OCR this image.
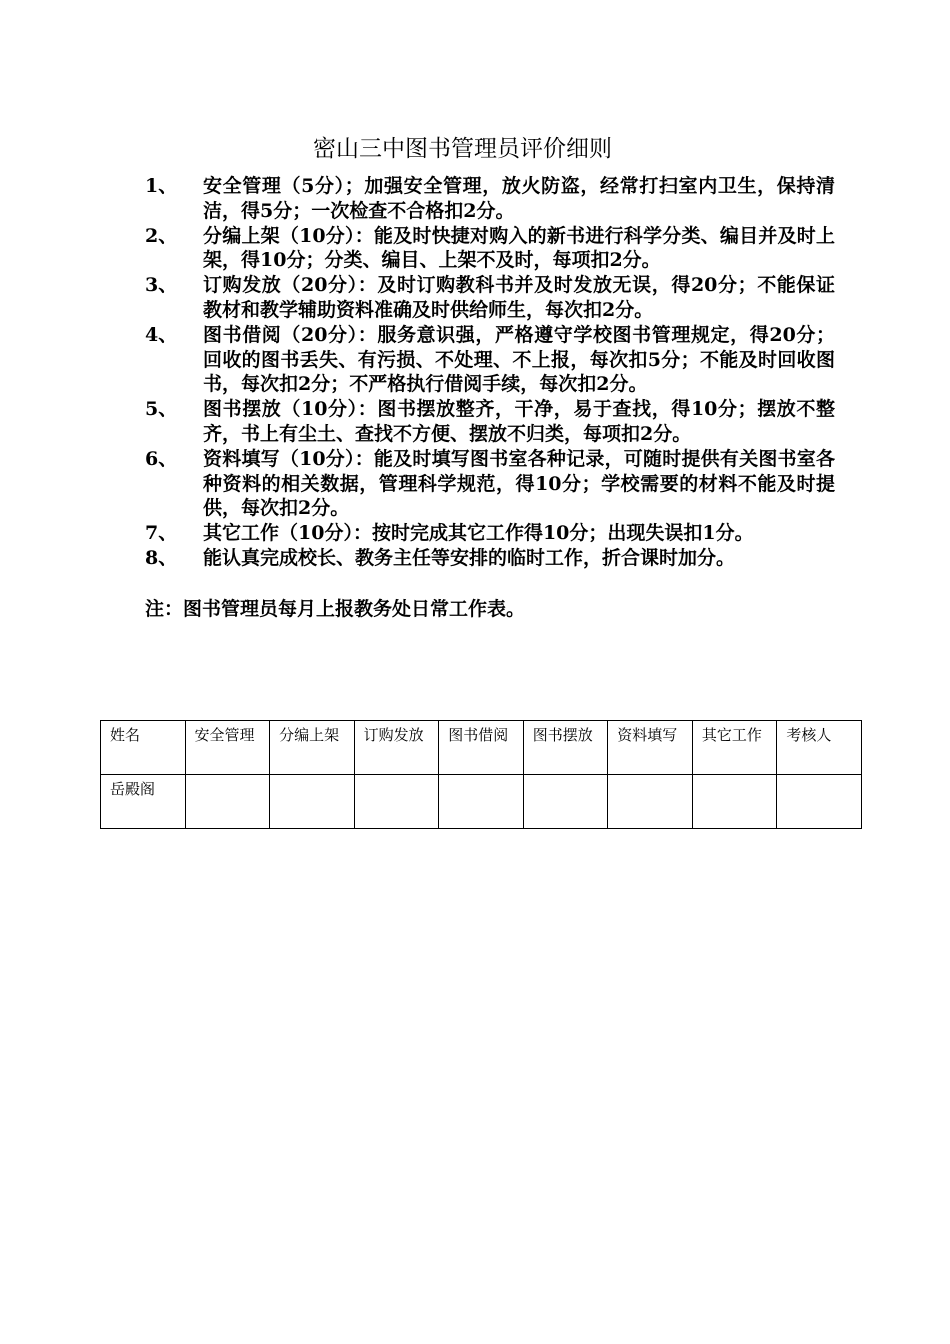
密山三中图书管理员评价细则
1、 安全管理（5分）；加强安全管理，放火防盗，经常打扫室内卫生，保持清洁，得5分；一次检查不合格扣2分。
2、 分编上架（10分）：能及时快捷对购入的新书进行科学分类、编目并及时上架，得10分；分类、编目、上架不及时，每项扣2分。
3、 订购发放（20分）：及时订购教科书并及时发放无误，得20分；不能保证教材和教学辅助资料准确及时供给师生，每次扣2分。
4、 图书借阅（20分）：服务意识强，严格遵守学校图书管理规定，得20分；回收的图书丢失、有污损、不处理、不上报，每次扣5分；不能及时回收图书，每次扣2分；不严格执行借阅手续，每次扣2分。
5、 图书摆放（10分）：图书摆放整齐，干净，易于查找，得10分；摆放不整齐，书上有尘土、查找不方便、摆放不归类，每项扣2分。
6、 资料填写（10分）：能及时填写图书室各种记录，可随时提供有关图书室各种资料的相关数据，管理科学规范，得10分；学校需要的材料不能及时提供，每次扣2分。
7、 其它工作（10分）：按时完成其它工作得10分；出现失误扣1分。
8、 能认真完成校长、教务主任等安排的临时工作，折合课时加分。
注：图书管理员每月上报教务处日常工作表。
姓名	安全管理	分编上架	订购发放	图书借阅	图书摆放	资料填写	其它工作	考核人
岳殿阁								
